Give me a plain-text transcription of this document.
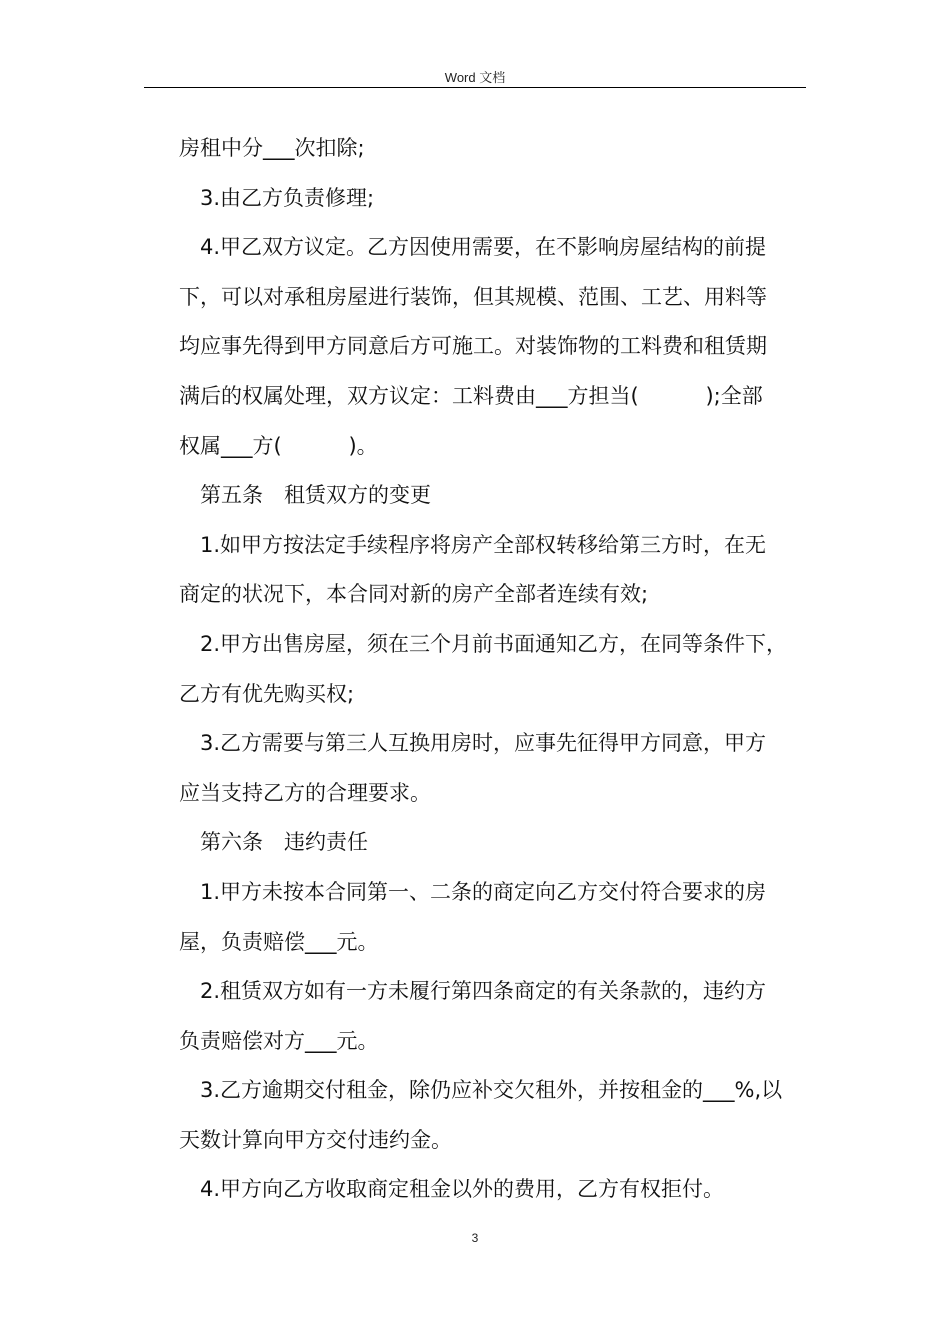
Word 文档

房租中分___次扣除;

3.由乙方负责修理;

4.甲乙双方议定。乙方因使用需要，在不影响房屋结构的前提

下，可以对承租房屋进行装饰，但其规模、范围、工艺、用料等

均应事先得到甲方同意后方可施工。对装饰物的工料费和租赁期

满后的权属处理，双方议定：工料费由___方担当(          );全部

权属___方(          )。

第五条　租赁双方的变更

1.如甲方按法定手续程序将房产全部权转移给第三方时，在无

商定的状况下，本合同对新的房产全部者连续有效;

2.甲方出售房屋，须在三个月前书面通知乙方，在同等条件下，

乙方有优先购买权;

3.乙方需要与第三人互换用房时，应事先征得甲方同意，甲方

应当支持乙方的合理要求。

第六条　违约责任

1.甲方未按本合同第一、二条的商定向乙方交付符合要求的房

屋，负责赔偿___元。

2.租赁双方如有一方未履行第四条商定的有关条款的，违约方

负责赔偿对方___元。

3.乙方逾期交付租金，除仍应补交欠租外，并按租金的___%,以

天数计算向甲方交付违约金。

4.甲方向乙方收取商定租金以外的费用，乙方有权拒付。

3
